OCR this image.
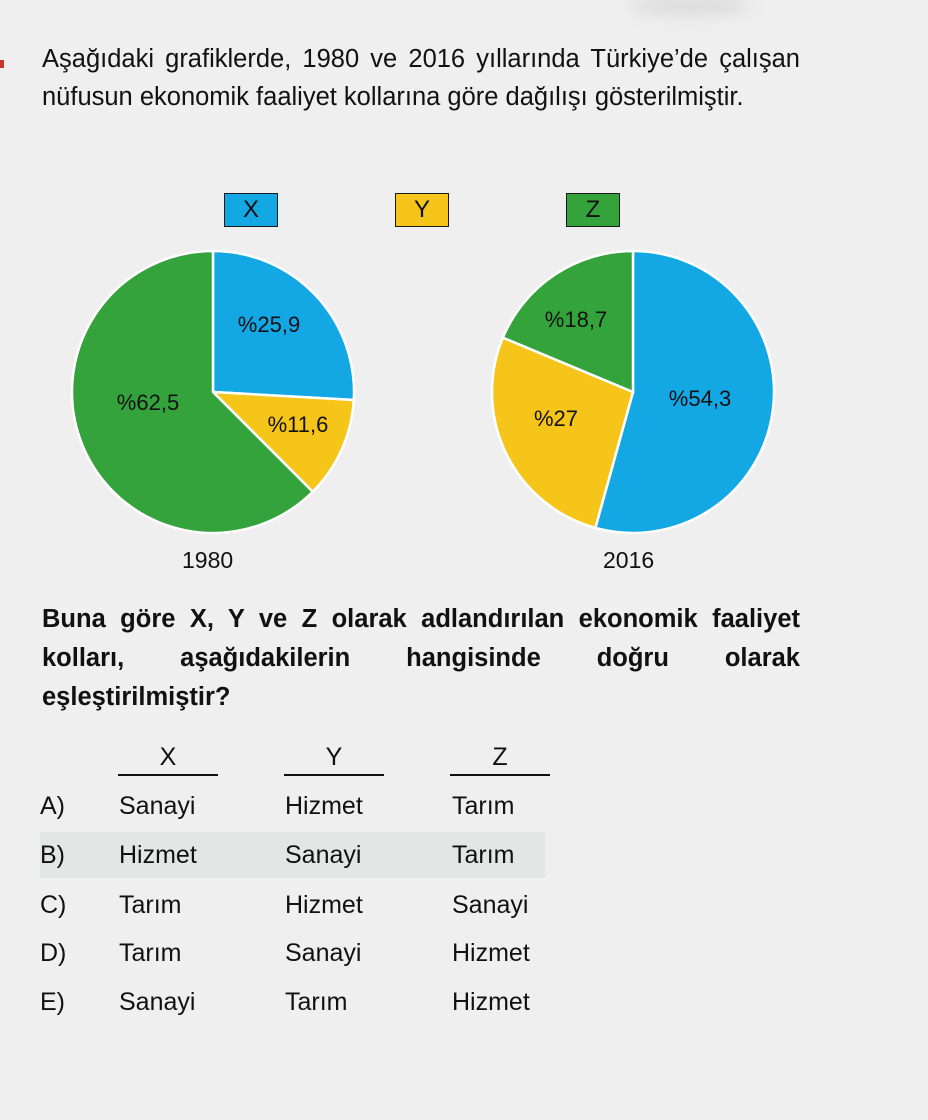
Aşağıdaki grafiklerde, 1980 ve 2016 yıllarında Türkiye’de çalışan nüfusun ekonomik faaliyet kollarına göre dağılışı gösterilmiştir.
X	Y	Z
%25,9
%11,6
%62,5	%54,3
%27
%18,7
1980	2016
Buna göre X, Y ve Z olarak adlandırılan ekonomik faaliyet kolları, aşağıdakilerin hangisinde doğru olarak eşleştirilmiştir?
X	Y	Z
A) Sanayi	Hizmet	Tarım
B) Hizmet	Sanayi	Tarım
C) Tarım	Hizmet	Sanayi
D) Tarım	Sanayi	Hizmet
E) Sanayi	Tarım	Hizmet
